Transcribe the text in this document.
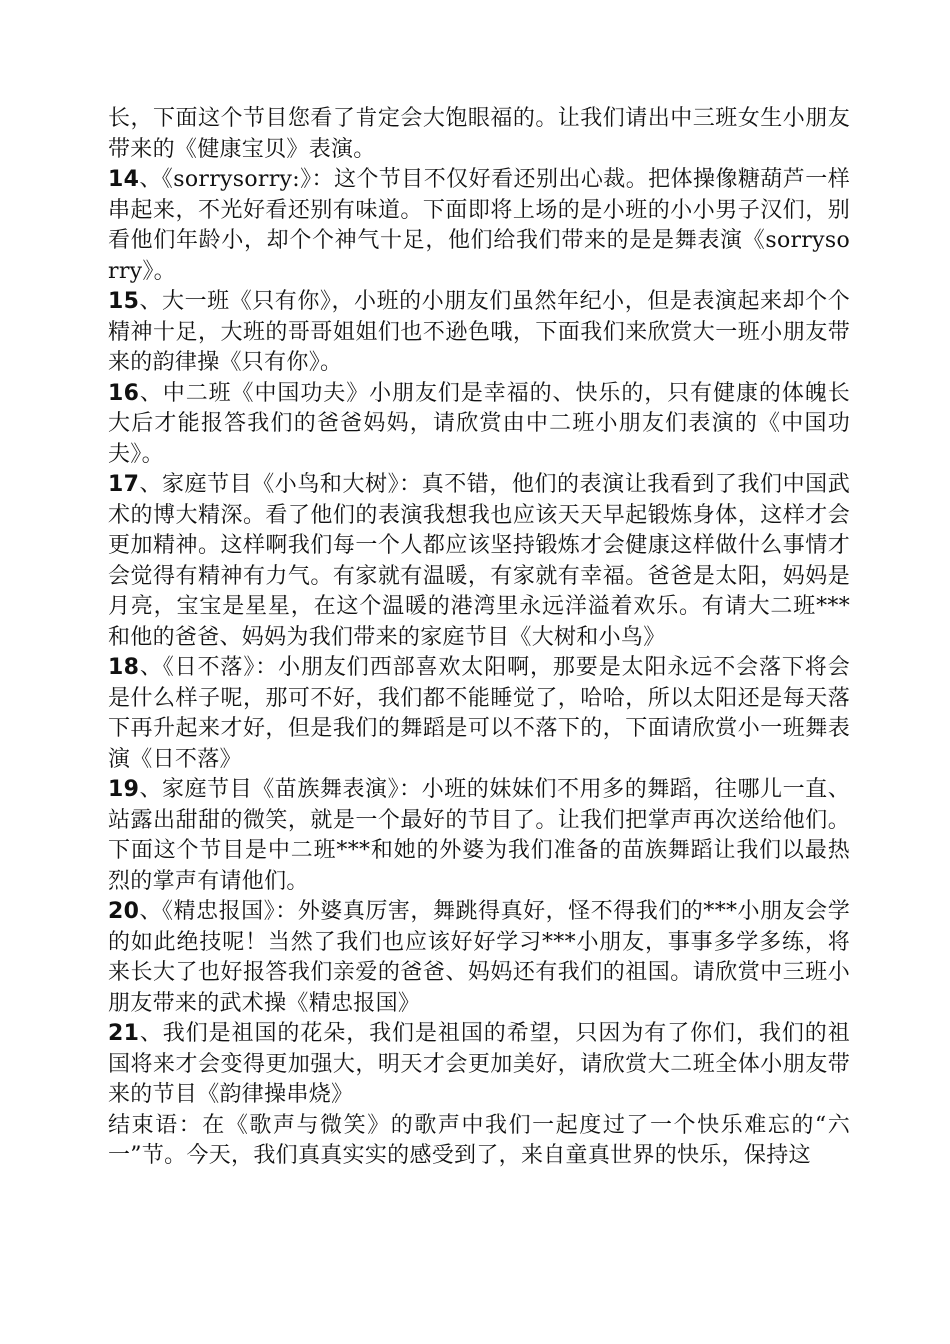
长，下面这个节目您看了肯定会大饱眼福的。让我们请出中三班女生小朋友带来的《健康宝贝》表演。

14、《sorrysorry:》：这个节目不仅好看还别出心裁。把体操像糖葫芦一样串起来，不光好看还别有味道。下面即将上场的是小班的小小男子汉们，别看他们年龄小，却个个神气十足，他们给我们带来的是是舞表演《sorrysorry》。

15、大一班《只有你》，小班的小朋友们虽然年纪小，但是表演起来却个个精神十足，大班的哥哥姐姐们也不逊色哦，下面我们来欣赏大一班小朋友带来的韵律操《只有你》。

16、中二班《中国功夫》小朋友们是幸福的、快乐的，只有健康的体魄长大后才能报答我们的爸爸妈妈，请欣赏由中二班小朋友们表演的《中国功夫》。

17、家庭节目《小鸟和大树》：真不错，他们的表演让我看到了我们中国武术的博大精深。看了他们的表演我想我也应该天天早起锻炼身体，这样才会更加精神。这样啊我们每一个人都应该坚持锻炼才会健康这样做什么事情才会觉得有精神有力气。有家就有温暖，有家就有幸福。爸爸是太阳，妈妈是月亮，宝宝是星星，在这个温暖的港湾里永远洋溢着欢乐。有请大二班***和他的爸爸、妈妈为我们带来的家庭节目《大树和小鸟》

18、《日不落》：小朋友们西部喜欢太阳啊，那要是太阳永远不会落下将会是什么样子呢，那可不好，我们都不能睡觉了，哈哈，所以太阳还是每天落下再升起来才好，但是我们的舞蹈是可以不落下的，下面请欣赏小一班舞表演《日不落》

19、家庭节目《苗族舞表演》：小班的妹妹们不用多的舞蹈，往哪儿一直、站露出甜甜的微笑，就是一个最好的节目了。让我们把掌声再次送给他们。下面这个节目是中二班***和她的外婆为我们准备的苗族舞蹈让我们以最热烈的掌声有请他们。

20、《精忠报国》：外婆真厉害，舞跳得真好，怪不得我们的***小朋友会学的如此绝技呢！当然了我们也应该好好学习***小朋友，事事多学多练，将来长大了也好报答我们亲爱的爸爸、妈妈还有我们的祖国。请欣赏中三班小朋友带来的武术操《精忠报国》

21、我们是祖国的花朵，我们是祖国的希望，只因为有了你们，我们的祖国将来才会变得更加强大，明天才会更加美好，请欣赏大二班全体小朋友带来的节目《韵律操串烧》

结束语：在《歌声与微笑》的歌声中我们一起度过了一个快乐难忘的“六一”节。今天，我们真真实实的感受到了，来自童真世界的快乐，保持这
